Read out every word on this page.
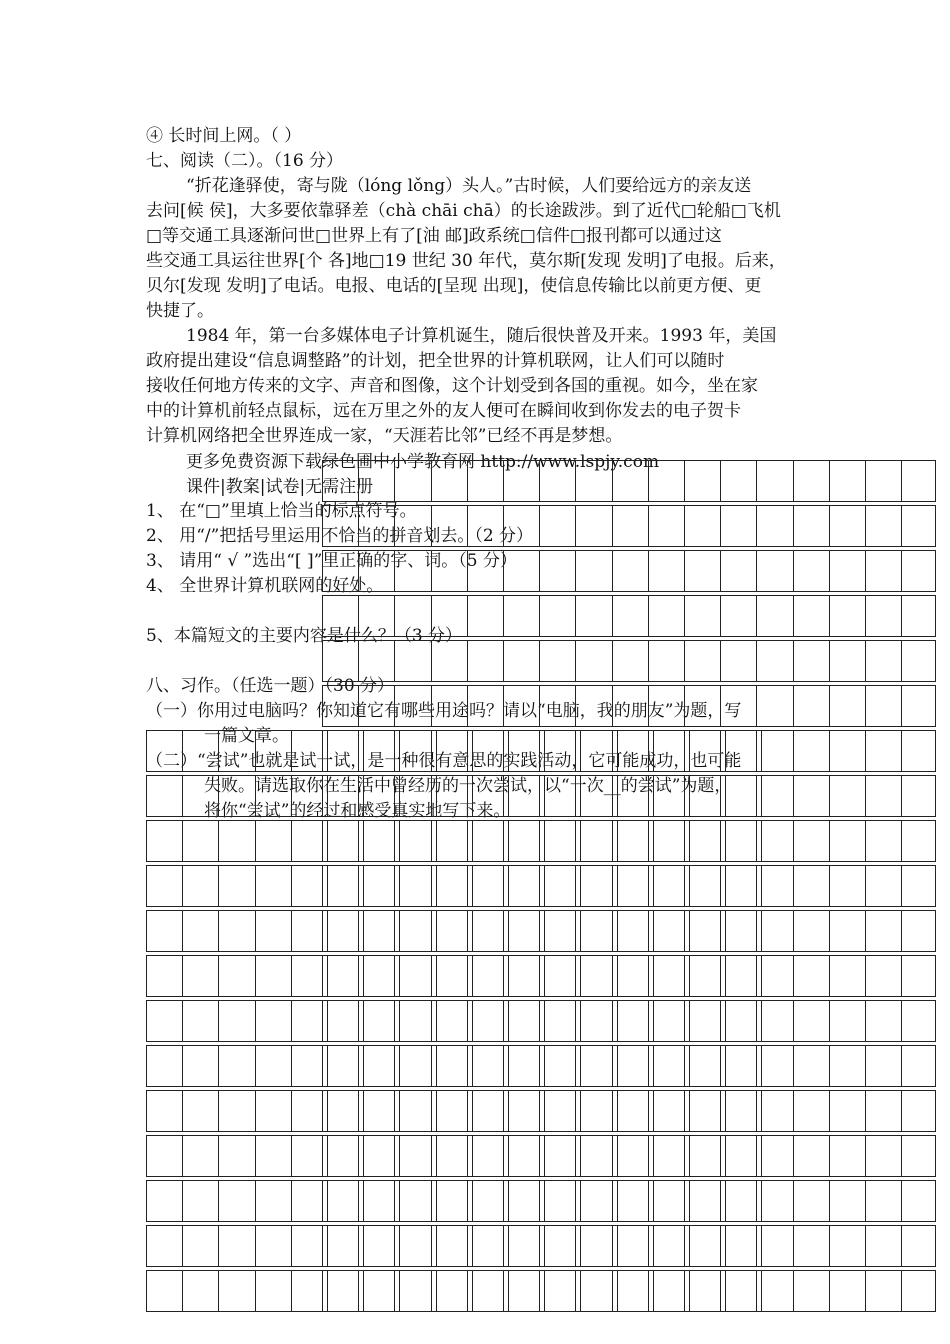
④ 长时间上网。（ ）
七、阅读（二）。（16 分）
“折花逢驿使，寄与陇（lóng lǒng）头人。”古时候，人们要给远方的亲友送
去问[候 侯]，大多要依靠驿差（chà chāi chā）的长途跋涉。到了近代□轮船□飞机
□等交通工具逐渐问世□世界上有了[油 邮]政系统□信件□报刊都可以通过这
些交通工具运往世界[个 各]地□19 世纪 30 年代，莫尔斯[发现 发明]了电报。后来，
贝尔[发现 发明]了电话。电报、电话的[呈现 出现]，使信息传输比以前更方便、更
快捷了。
1984 年，第一台多媒体电子计算机诞生，随后很快普及开来。1993 年，美国
政府提出建设“信息调整路”的计划，把全世界的计算机联网，让人们可以随时
接收任何地方传来的文字、声音和图像，这个计划受到各国的重视。如今，坐在家
中的计算机前轻点鼠标，远在万里之外的友人便可在瞬间收到你发去的电子贺卡
计算机网络把全世界连成一家，“天涯若比邻”已经不再是梦想。
更多免费资源下载绿色圃中小学教育网 http://www.lspjy.com
课件|教案|试卷|无需注册
1、 在“□”里填上恰当的标点符号。
2、 用“/”把括号里运用不恰当的拼音划去。（2 分）
3、 请用“ √ ”选出“[ ]”里正确的字、词。（5 分）
4、 全世界计算机联网的好处。
5、本篇短文的主要内容是什么？（3 分）
八、习作。（任选一题）（30 分）
（一）你用过电脑吗？你知道它有哪些用途吗？请以“电脑，我的朋友”为题，写
一篇文章。
（二）“尝试”也就是试一试，是一种很有意思的实践活动，它可能成功，也可能
失败。请选取你在生活中曾经历的一次尝试，以“一次__的尝试”为题，
将你“尝试”的经过和感受真实地写下来。
